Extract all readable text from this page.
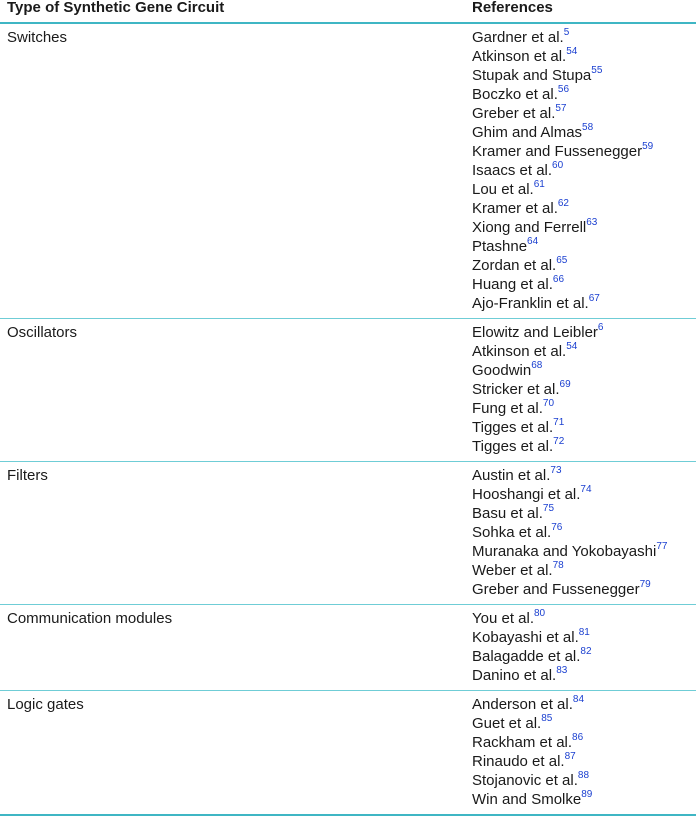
Type of Synthetic Gene Circuit	References
Switches	Gardner et al.$^5$
Atkinson et al.$^{54}$
Stupak and Stupa$^{55}$
Boczko et al.$^{56}$
Greber et al.$^{57}$
Ghim and Almas$^{58}$
Kramer and Fussenegger$^{59}$
Isaacs et al.$^{60}$
Lou et al.$^{61}$
Kramer et al.$^{62}$
Xiong and Ferrell$^{63}$
Ptashne$^{64}$
Zordan et al.$^{65}$
Huang et al.$^{66}$
Ajo-Franklin et al.$^{67}$
Oscillators	Elowitz and Leibler$^6$
Atkinson et al.$^{54}$
Goodwin$^{68}$
Stricker et al.$^{69}$
Fung et al.$^{70}$
Tigges et al.$^{71}$
Tigges et al.$^{72}$
Filters	Austin et al.$^{73}$
Hooshangi et al.$^{74}$
Basu et al.$^{75}$
Sohka et al.$^{76}$
Muranaka and Yokobayashi$^{77}$
Weber et al.$^{78}$
Greber and Fussenegger$^{79}$
Communication modules	You et al.$^{80}$
Kobayashi et al.$^{81}$
Balagadde et al.$^{82}$
Danino et al.$^{83}$
Logic gates	Anderson et al.$^{84}$
Guet et al.$^{85}$
Rackham et al.$^{86}$
Rinaudo et al.$^{87}$
Stojanovic et al.$^{88}$
Win and Smolke$^{89}$
